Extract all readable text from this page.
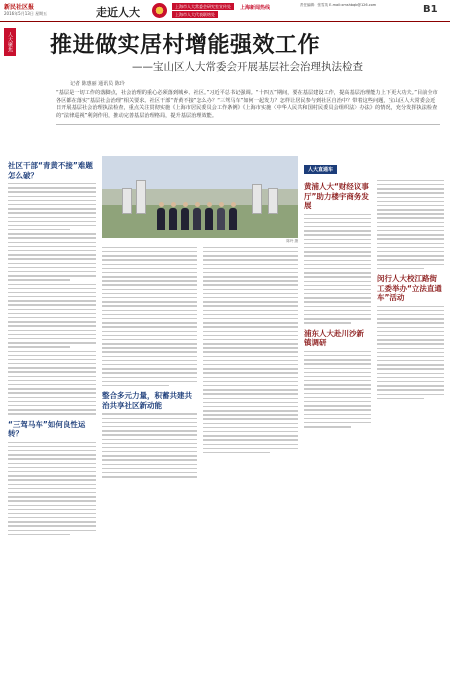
新民社区报
2016年5月13日 星期五	走近人大	上海市人大常委会研究室宣传处
上海市人大代表联络处
上海新闻热线	责任编辑：张雪英 E-mail:xmshbqb@126.com	B1
人大聚焦 推进做实居村增能强效工作
——宝山区人大常委会开展基层社会治理执法检查
记者 陈惠丽 通讯员 陈玲
“基层是一切工作的落脚点，社会治理的重心必须落到城乡、社区。”习近平总书记强调。“十四五”期间，要在基层建设工作，提高基层治理能力上下更大功夫。”目前全市各区都在落实“基层社会治理”相关要求。社区干部“青黄不接”怎么办？“三驾马车”如何一起发力？怎样让居民参与到社区自治中？带着这些问题，宝山区人大常委会近日开展基层社会治理执法检查，重点关注贯彻实施《上海市居民委员会工作条例》《上海市实施〈中华人民共和国村民委员会组织法〉办法》的情况，充分发挥执法检查的“法律巡视”利剑作用，推动完善基层治理格局，提升基层治理效能。
社区干部“青黄不接”难题怎么破？
“三驾马车”如何良性运转？
陈玲 摄
整合多元力量，积蓄共建共治共享社区新动能
人大直通车
黄浦人大“财经议事厅”助力楼宇商务发展
浦东人大赴川沙新镇调研
闵行人大校江路街工委举办“立法直通车”活动
